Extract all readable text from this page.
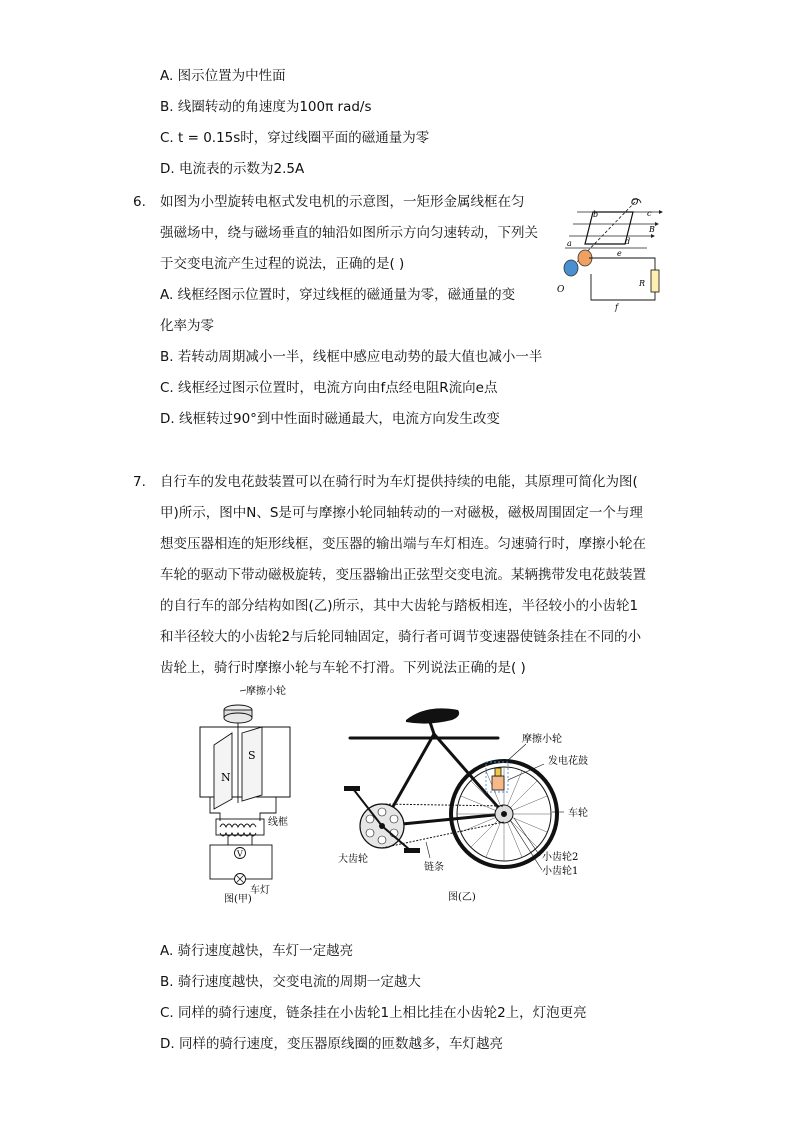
A. 图示位置为中性面
B. 线圈转动的角速度为100π rad/s
C. t = 0.15s时，穿过线圈平面的磁通量为零
D. 电流表的示数为2.5A
6. 如图为小型旋转电枢式发电机的示意图，一矩形金属线框在匀
强磁场中，绕与磁场垂直的轴沿如图所示方向匀速转动，下列关
于交变电流产生过程的说法，正确的是( )
A. 线框经图示位置时，穿过线框的磁通量为零，磁通量的变
化率为零
B. 若转动周期减小一半，线框中感应电动势的最大值也减小一半
C. 线框经过图示位置时，电流方向由f点经电阻R流向e点
D. 线框转过90°到中性面时磁通最大，电流方向发生改变
O
a
b	c
d
B
e
f
R
O
7. 自行车的发电花鼓装置可以在骑行时为车灯提供持续的电能，其原理可简化为图(
甲)所示，图中N、S是可与摩擦小轮同轴转动的一对磁极，磁极周围固定一个与理
想变压器相连的矩形线框，变压器的输出端与车灯相连。匀速骑行时，摩擦小轮在
车轮的驱动下带动磁极旋转，变压器输出正弦型交变电流。某辆携带发电花鼓装置
的自行车的部分结构如图(乙)所示，其中大齿轮与踏板相连，半径较小的小齿轮1
和半径较大的小齿轮2与后轮同轴固定，骑行者可调节变速器使链条挂在不同的小
齿轮上，骑行时摩擦小轮与车轮不打滑。下列说法正确的是( )
摩擦小轮
N
S
线框
V
车灯
图(甲)
摩擦小轮
发电花鼓
车轮
大齿轮
链条
小齿轮2
小齿轮1
图(乙)
A. 骑行速度越快，车灯一定越亮
B. 骑行速度越快，交变电流的周期一定越大
C. 同样的骑行速度，链条挂在小齿轮1上相比挂在小齿轮2上，灯泡更亮
D. 同样的骑行速度，变压器原线圈的匝数越多，车灯越亮
